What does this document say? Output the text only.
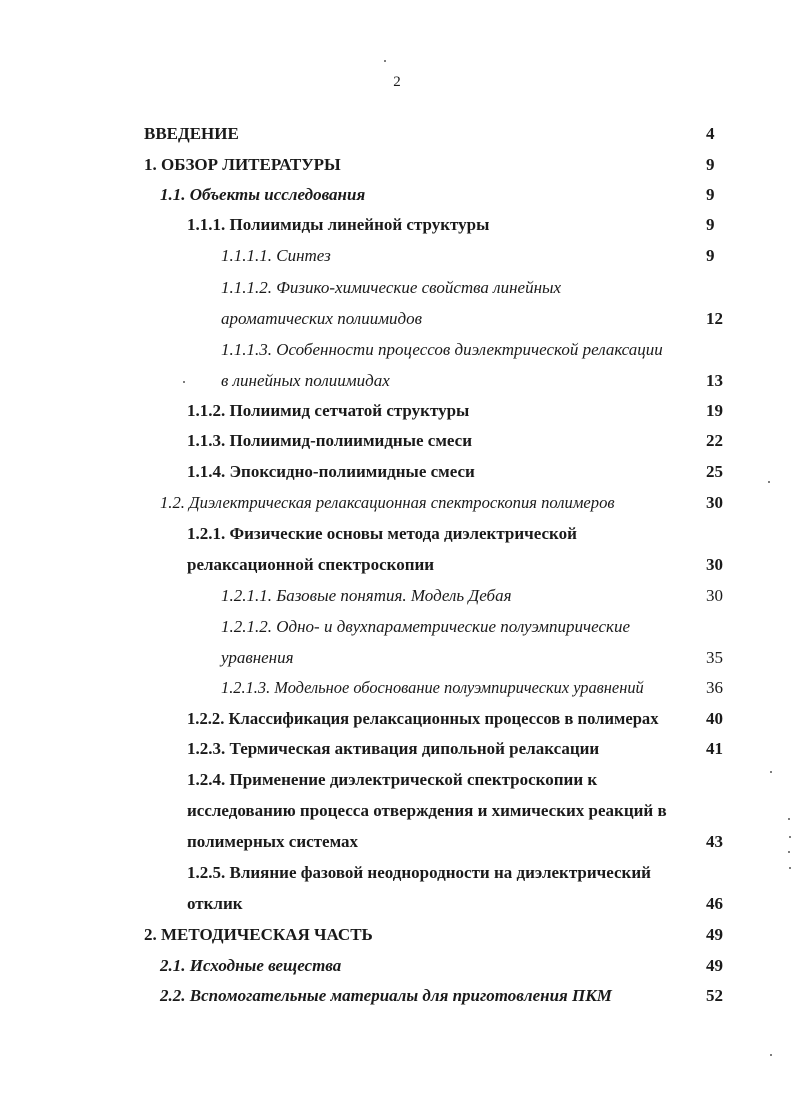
2
ВВЕДЕНИЕ	4
1. ОБЗОР ЛИТЕРАТУРЫ	9
1.1. Объекты исследования	9
1.1.1. Полиимиды линейной структуры	9
1.1.1.1. Синтез	9
1.1.1.2. Физико-химические свойства линейных
ароматических полиимидов	12
1.1.1.3. Особенности процессов диэлектрической релаксации
в линейных полиимидах	13
1.1.2. Полиимид сетчатой структуры	19
1.1.3. Полиимид-полиимидные смеси	22
1.1.4. Эпоксидно-полиимидные смеси	25
1.2. Диэлектрическая релаксационная спектроскопия полимеров	30
1.2.1. Физические основы метода диэлектрической
релаксационной спектроскопии	30
1.2.1.1. Базовые понятия. Модель Дебая	30
1.2.1.2. Одно- и двухпараметрические полуэмпирические
уравнения	35
1.2.1.3. Модельное обоснование полуэмпирических уравнений	36
1.2.2. Классификация релаксационных процессов в полимерах	40
1.2.3. Термическая активация дипольной релаксации	41
1.2.4. Применение диэлектрической спектроскопии к
исследованию процесса отверждения и химических реакций в
полимерных системах	43
1.2.5. Влияние фазовой неоднородности на диэлектрический
отклик	46
2. МЕТОДИЧЕСКАЯ ЧАСТЬ	49
2.1. Исходные вещества	49
2.2. Вспомогательные материалы для приготовления ПКМ	52
